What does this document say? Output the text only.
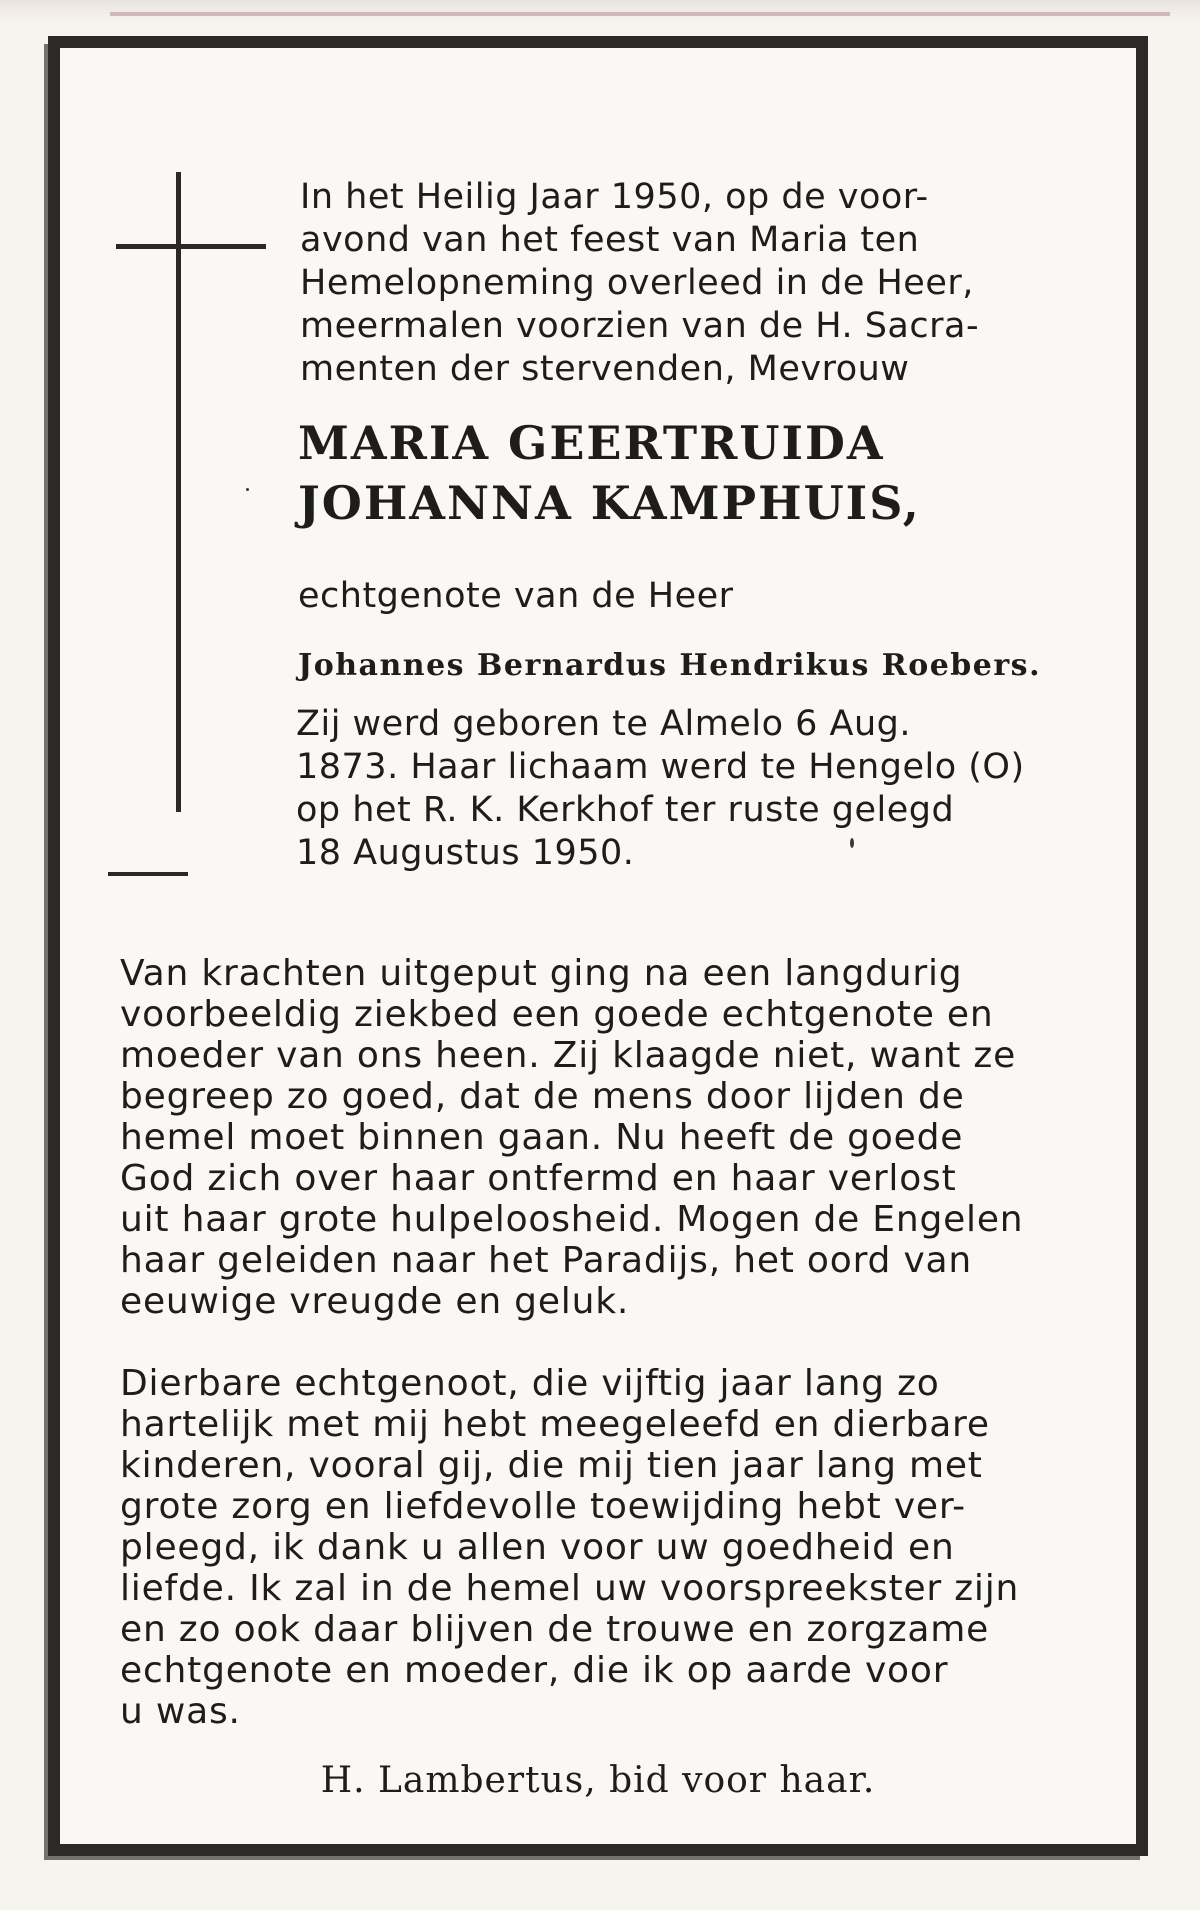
In het Heilig Jaar 1950, op de voor-
avond van het feest van Maria ten
Hemelopneming overleed in de Heer,
meermalen voorzien van de H. Sacra-
menten der stervenden, Mevrouw
MARIA GEERTRUIDA
JOHANNA KAMPHUIS,
echtgenote van de Heer
Johannes Bernardus Hendrikus Roebers.
Zij werd geboren te Almelo 6 Aug.
1873. Haar lichaam werd te Hengelo (O)
op het R. K. Kerkhof ter ruste gelegd
18 Augustus 1950.
Van krachten uitgeput ging na een langdurig
voorbeeldig ziekbed een goede echtgenote en
moeder van ons heen. Zij klaagde niet, want ze
begreep zo goed, dat de mens door lijden de
hemel moet binnen gaan. Nu heeft de goede
God zich over haar ontfermd en haar verlost
uit haar grote hulpeloosheid. Mogen de Engelen
haar geleiden naar het Paradijs, het oord van
eeuwige vreugde en geluk.
Dierbare echtgenoot, die vijftig jaar lang zo
hartelijk met mij hebt meegeleefd en dierbare
kinderen, vooral gij, die mij tien jaar lang met
grote zorg en liefdevolle toewijding hebt ver-
pleegd, ik dank u allen voor uw goedheid en
liefde. Ik zal in de hemel uw voorspreekster zijn
en zo ook daar blijven de trouwe en zorgzame
echtgenote en moeder, die ik op aarde voor
u was.
H. Lambertus, bid voor haar.
